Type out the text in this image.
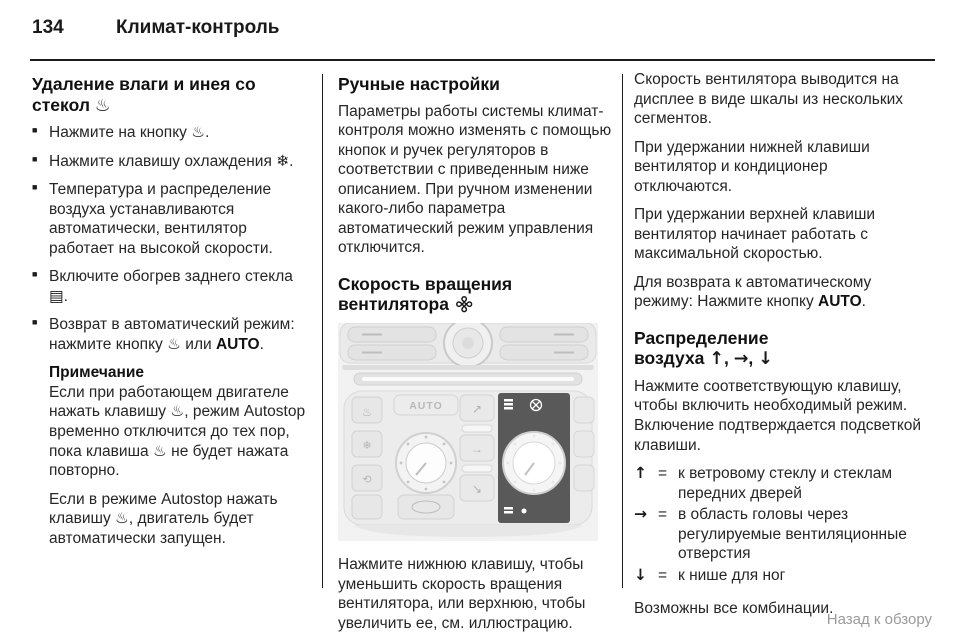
134	Климат-контроль
Удаление влаги и инея со
стекол ♨
■ Нажмите на кнопку ♨.
■ Нажмите клавишу охлаждения ❄.
■ Температура и распределение воздуха устанавливаются автоматически, вентилятор работает на высокой скорости.
■ Включите обогрев заднего стекла ▤.
■ Возврат в автоматический режим: нажмите кнопку ♨ или AUTO.

Примечание

Если при работающем двигателе нажать клавишу ♨, режим Autostop временно отключится до тех пор, пока клавиша ♨ не будет нажата повторно.

Если в режиме Autostop нажать клавишу ♨, двигатель будет автоматически запущен.

Ручные настройки

Параметры работы системы климат-контроля можно изменять с помощью кнопок и ручек регуляторов в соответствии с приведенным ниже описанием. При ручном изменении какого-либо параметра автоматический режим управления отключится.

Скорость вращения
вентилятора ⌘
♨
❄
⟲
AUTO ↗
→
↘

Нажмите нижнюю клавишу, чтобы уменьшить скорость вращения вентилятора, или верхнюю, чтобы увеличить ее, см. иллюстрацию.

Скорость вентилятора выводится на дисплее в виде шкалы из нескольких сегментов.

При удержании нижней клавиши вентилятор и кондиционер отключаются.

При удержании верхней клавиши вентилятор начинает работать с максимальной скоростью.

Для возврата к автоматическому режиму: Нажмите кнопку AUTO.

Распределение
воздуха ↑, →, ↓

Нажмите соответствующую клавишу, чтобы включить необходимый режим. Включение подтверждается подсветкой клавиши.

↑ = к ветровому стеклу и стеклам передних дверей
→ = в область головы через регулируемые вентиляционные отверстия
↓ = к нише для ног

Возможны все комбинации.

Назад к обзору
